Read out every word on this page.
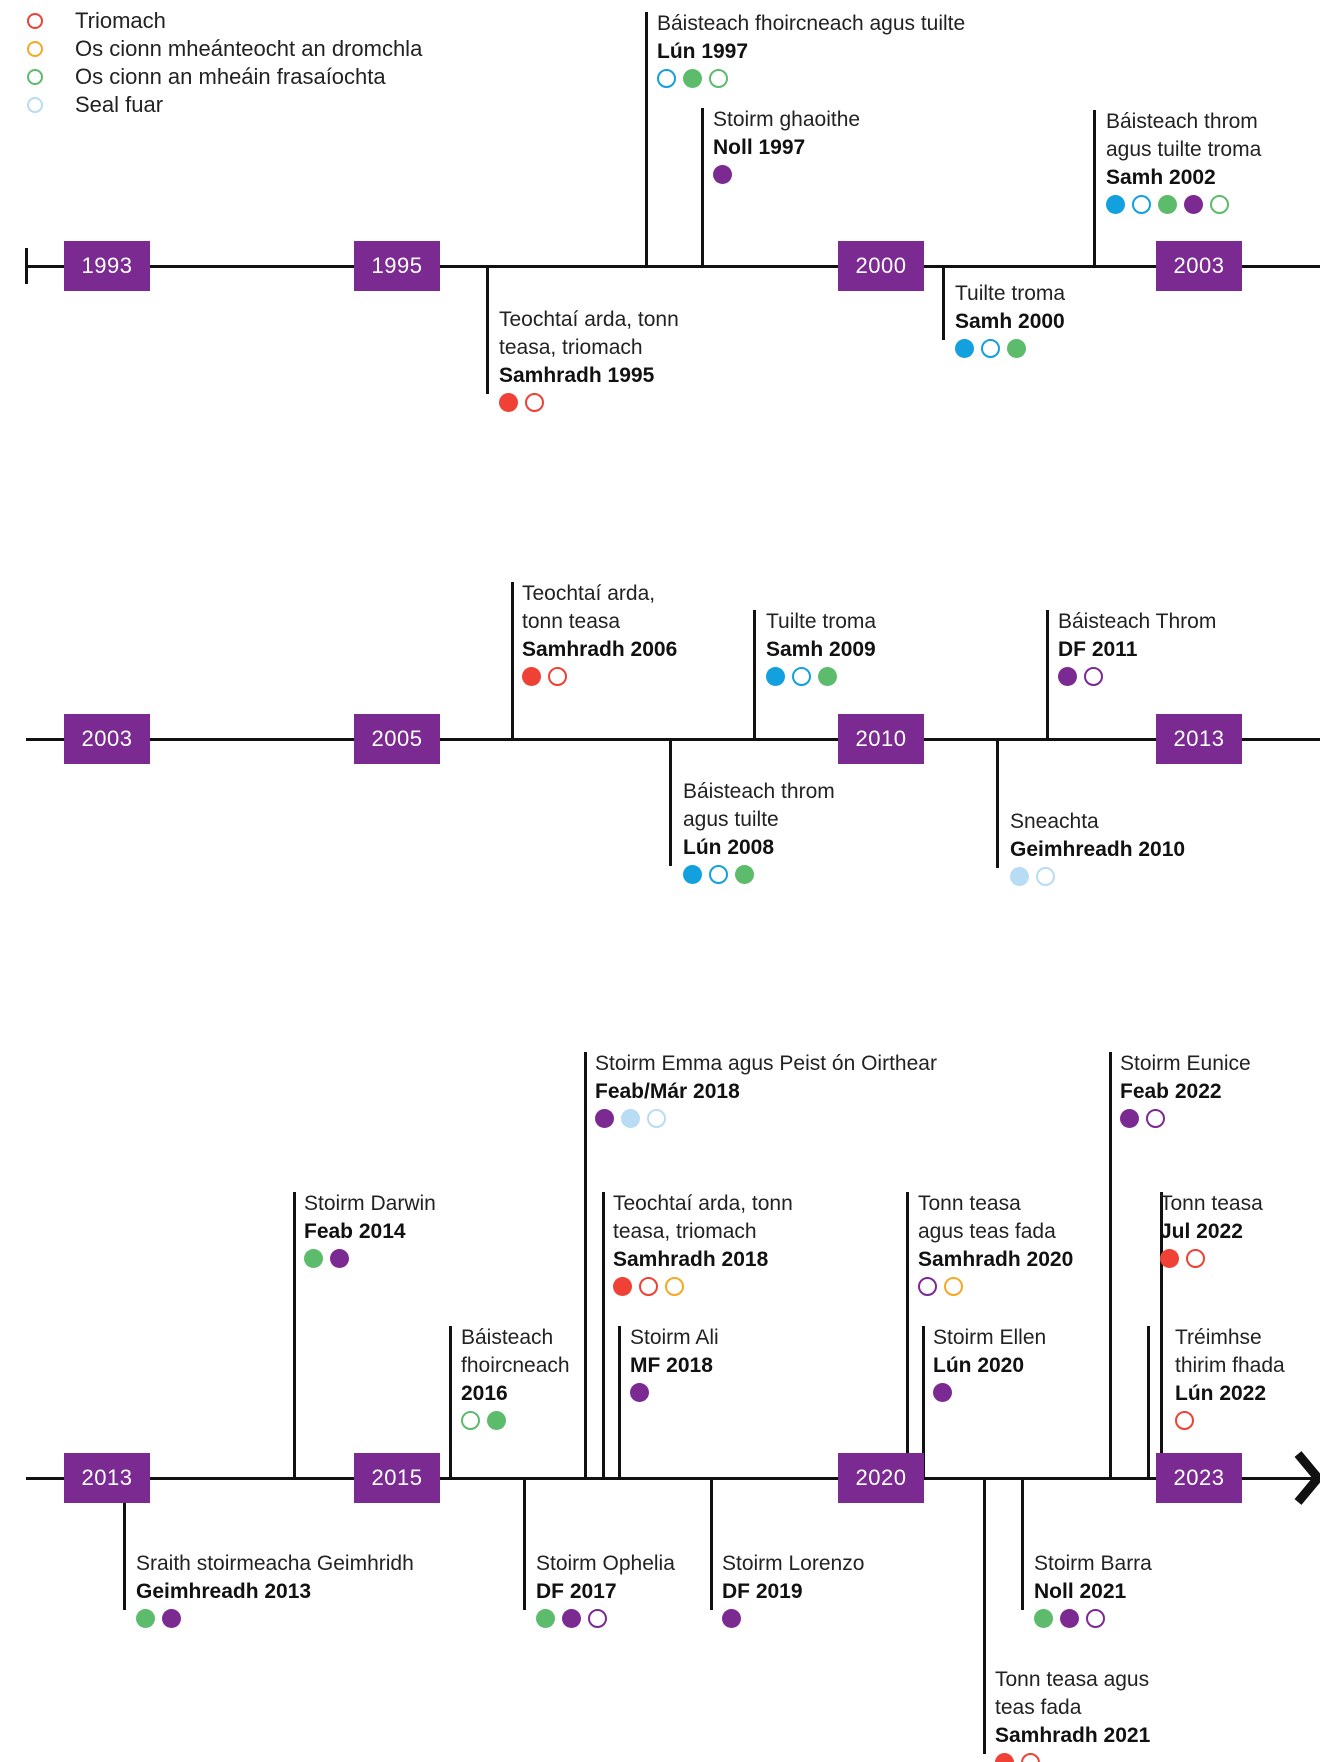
Triomach
Os cionn mheánteocht an dromchla
Os cionn an mheáin frasaíochta
Seal fuar
1993	1995	2000	2003
Báisteach fhoircneach agus tuilte
Lún 1997
Stoirm ghaoithe
Noll 1997
Báisteach throm
agus tuilte troma
Samh 2002
Teochtaí arda, tonn
teasa, triomach
Samhradh 1995
Tuilte troma
Samh 2000
2003	2005	2010	2013
Teochtaí arda,
tonn teasa
Samhradh 2006
Tuilte troma
Samh 2009
Báisteach Throm
DF 2011
Báisteach throm
agus tuilte
Lún 2008
Sneachta
Geimhreadh 2010
2013	2015	2020	2023
Stoirm Emma agus Peist ón Oirthear
Feab/Már 2018
Stoirm Eunice
Feab 2022
Stoirm Darwin
Feab 2014
Teochtaí arda, tonn
teasa, triomach
Samhradh 2018
Tonn teasa
agus teas fada
Samhradh 2020
Tonn teasa
Jul 2022
Báisteach
fhoircneach
2016
Stoirm Ali
MF 2018
Stoirm Ellen
Lún 2020
Tréimhse
thirim fhada
Lún 2022
Sraith stoirmeacha Geimhridh
Geimhreadh 2013
Stoirm Ophelia
DF 2017
Stoirm Lorenzo
DF 2019
Stoirm Barra
Noll 2021
Tonn teasa agus
teas fada
Samhradh 2021
